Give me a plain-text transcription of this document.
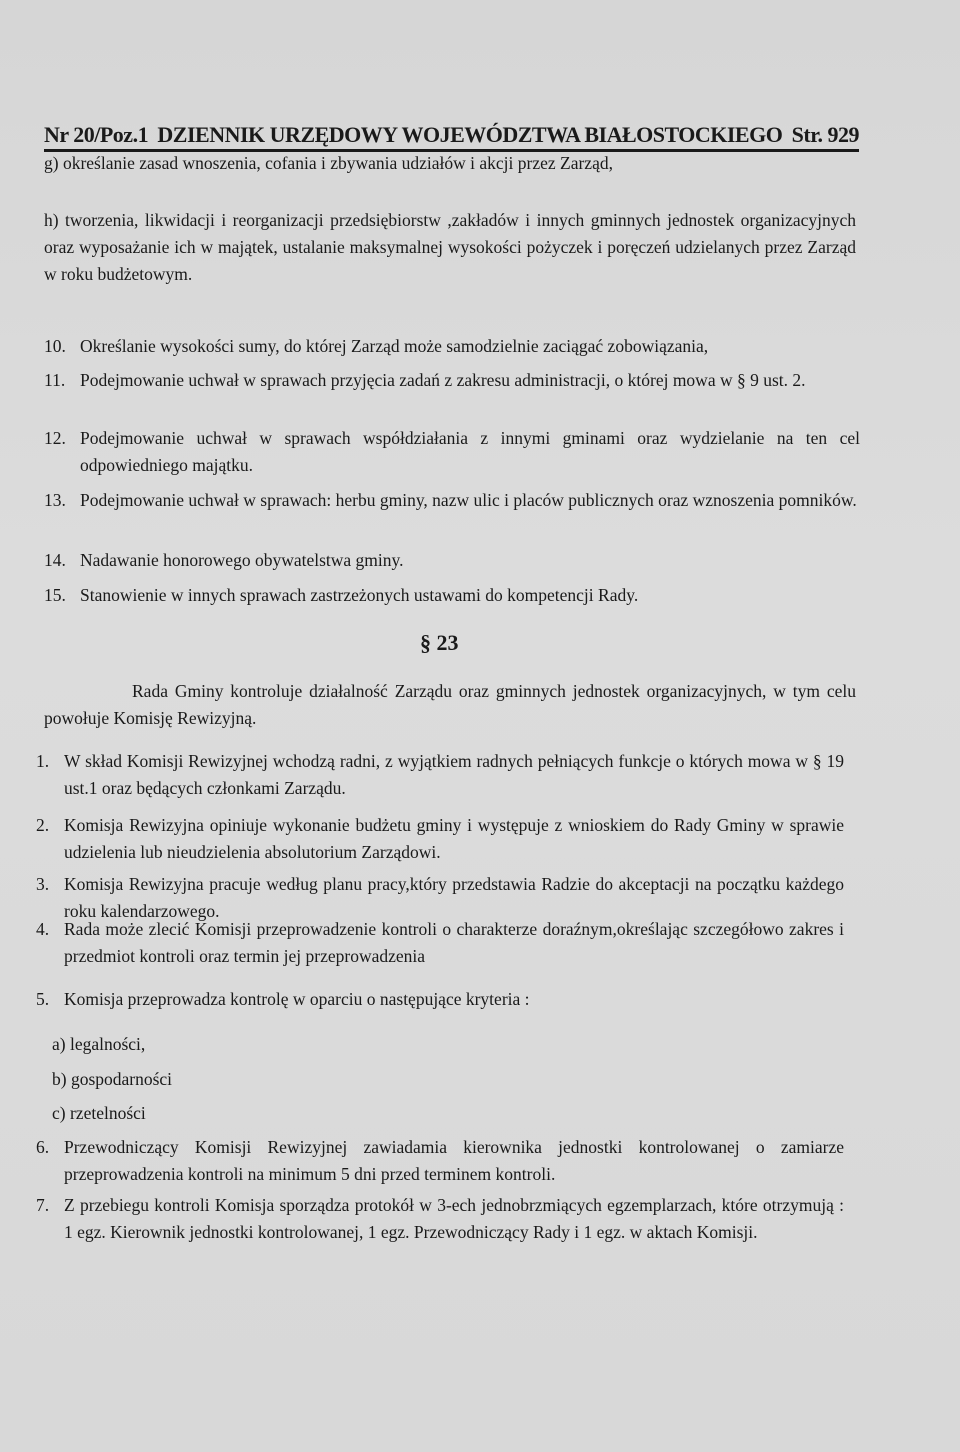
Nr 20/Poz.1 DZIENNIK URZĘDOWY WOJEWÓDZTWA BIAŁOSTOCKIEGO Str. 929
g) określanie zasad wnoszenia, cofania i zbywania udziałów i akcji przez Zarząd,
h) tworzenia, likwidacji i reorganizacji przedsiębiorstw ,zakładów i innych gminnych jednostek organizacyjnych oraz wyposażanie ich w majątek, ustalanie maksymalnej wysokości pożyczek i poręczeń udzielanych przez Zarząd w roku budżetowym.
10. Określanie wysokości sumy, do której Zarząd może samodzielnie zaciągać zobowiązania,
11. Podejmowanie uchwał w sprawach przyjęcia zadań z zakresu administracji, o której mowa w § 9 ust. 2.
12. Podejmowanie uchwał w sprawach współdziałania z innymi gminami oraz wydzielanie na ten cel odpowiedniego majątku.
13. Podejmowanie uchwał w sprawach: herbu gminy, nazw ulic i placów publicznych oraz wznoszenia pomników.
14. Nadawanie honorowego obywatelstwa gminy.
15. Stanowienie w innych sprawach zastrzeżonych ustawami do kompetencji Rady.
§ 23
Rada Gminy kontroluje działalność Zarządu oraz gminnych jednostek organizacyjnych, w tym celu powołuje Komisję Rewizyjną.
1. W skład Komisji Rewizyjnej wchodzą radni, z wyjątkiem radnych pełniących funkcje o których mowa w § 19 ust.1 oraz będących członkami Zarządu.
2. Komisja Rewizyjna opiniuje wykonanie budżetu gminy i występuje z wnioskiem do Rady Gminy w sprawie udzielenia lub nieudzielenia absolutorium Zarządowi.
3. Komisja Rewizyjna pracuje według planu pracy,który przedstawia Radzie do akceptacji na początku każdego roku kalendarzowego.
4. Rada może zlecić Komisji przeprowadzenie kontroli o charakterze doraźnym,określając szczegółowo zakres i przedmiot kontroli oraz termin jej przeprowadzenia
5. Komisja przeprowadza kontrolę w oparciu o następujące kryteria :
a) legalności,
b) gospodarności
c) rzetelności
6. Przewodniczący Komisji Rewizyjnej zawiadamia kierownika jednostki kontrolowanej o zamiarze przeprowadzenia kontroli na minimum 5 dni przed terminem kontroli.
7. Z przebiegu kontroli Komisja sporządza protokół w 3-ech jednobrzmiących egzemplarzach, które otrzymują : 1 egz. Kierownik jednostki kontrolowanej, 1 egz. Przewodniczący Rady i 1 egz. w aktach Komisji.
